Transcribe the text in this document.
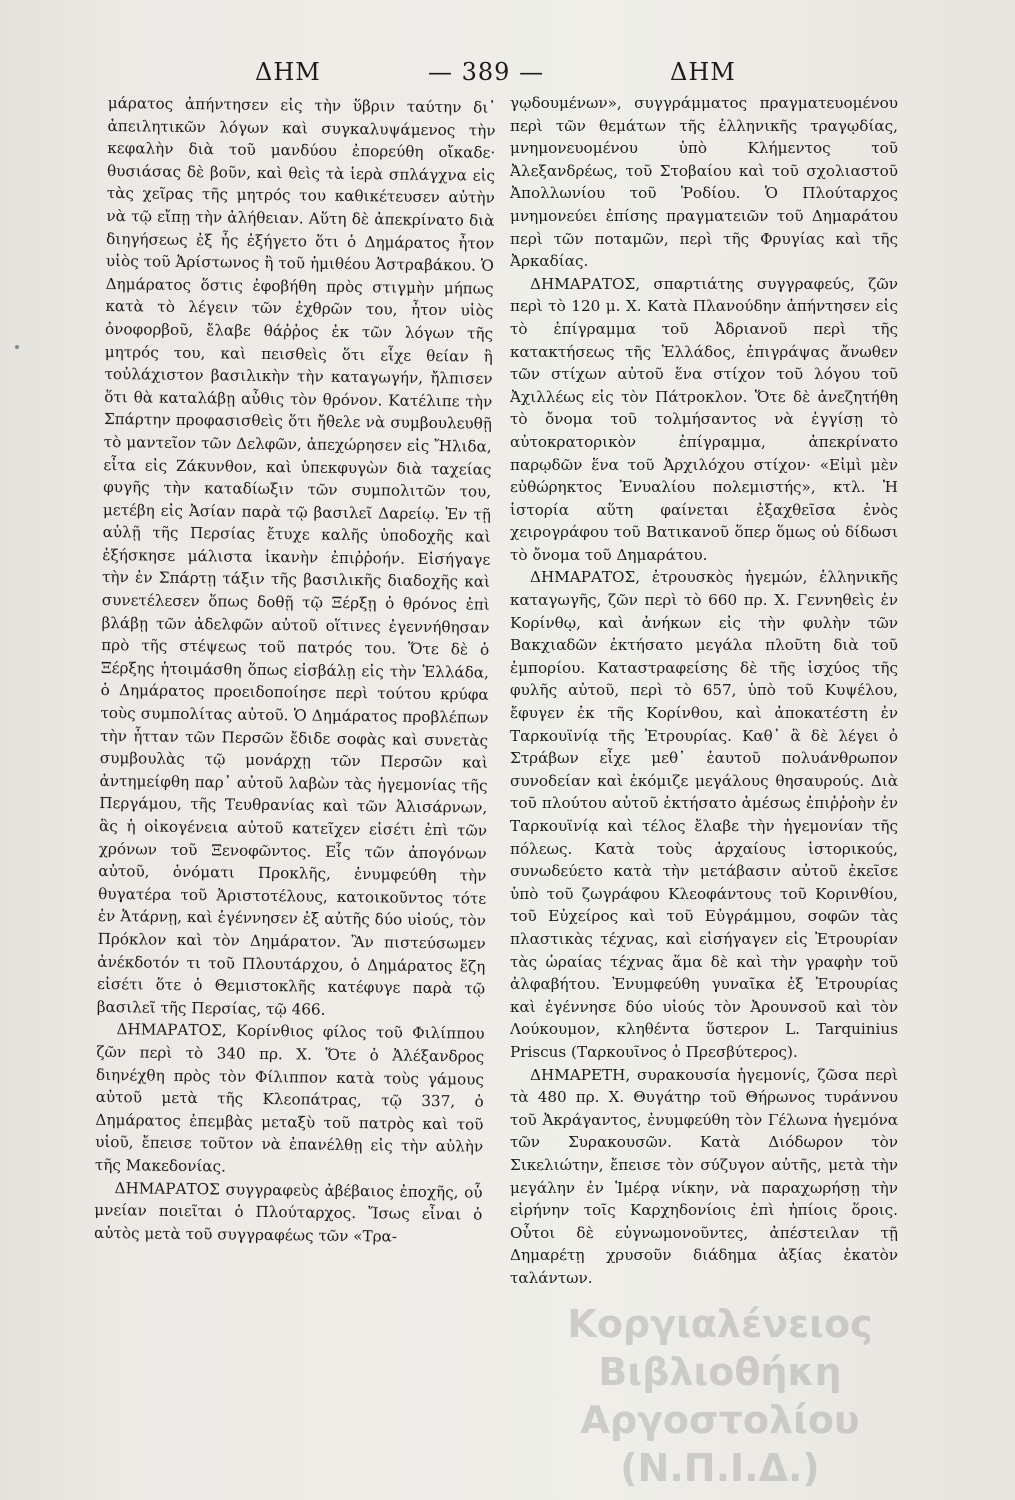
ΔΗΜ	— 389 —	ΔΗΜ

μάρατος ἀπήντησεν εἰς τὴν ὕβριν ταύτην δι᾽ ἀπειλητικῶν λόγων καὶ συγκαλυψάμενος τὴν κεφαλὴν διὰ τοῦ μανδύου ἐπορεύθη οἴκαδε· θυσιάσας δὲ βοῦν, καὶ θεὶς τὰ ἱερὰ σπλάγχνα εἰς τὰς χεῖρας τῆς μητρός του καθικέτευσεν αὐτὴν νὰ τῷ εἴπῃ τὴν ἀλήθειαν. Αὕτη δὲ ἀπεκρίνατο διὰ διηγήσεως ἐξ ἧς ἐξήγετο ὅτι ὁ Δημάρατος ἦτον υἱὸς τοῦ Ἀρίστωνος ἢ τοῦ ἡμιθέου Ἀστραβάκου. Ὁ Δημάρατος ὅστις ἐφοβήθη πρὸς στιγμὴν μήπως κατὰ τὸ λέγειν τῶν ἐχθρῶν του, ἦτον υἱὸς ὀνοφορβοῦ, ἔλαβε θάῤῥος ἐκ τῶν λόγων τῆς μητρός του, καὶ πεισθεὶς ὅτι εἶχε θείαν ἢ τοὐλάχιστον βασιλικὴν τὴν καταγωγήν, ἤλπισεν ὅτι θὰ καταλάβῃ αὖθις τὸν θρόνον. Κατέλιπε τὴν Σπάρτην προφασισθεὶς ὅτι ἤθελε νὰ συμβουλευθῇ τὸ μαντεῖον τῶν Δελφῶν, ἀπεχώρησεν εἰς Ἤλιδα, εἶτα εἰς Ζάκυνθον, καὶ ὑπεκφυγὼν διὰ ταχείας φυγῆς τὴν καταδίωξιν τῶν συμπολιτῶν του, μετέβη εἰς Ἀσίαν παρὰ τῷ βασιλεῖ Δαρείῳ. Ἐν τῇ αὐλῇ τῆς Περσίας ἔτυχε καλῆς ὑποδοχῆς καὶ ἐξήσκησε μάλιστα ἱκανὴν ἐπιῤῥοήν. Εἰσήγαγε τὴν ἐν Σπάρτῃ τάξιν τῆς βασιλικῆς διαδοχῆς καὶ συνετέλεσεν ὅπως δοθῇ τῷ Ξέρξῃ ὁ θρόνος ἐπὶ βλάβῃ τῶν ἀδελφῶν αὐτοῦ οἵτινες ἐγεννήθησαν πρὸ τῆς στέψεως τοῦ πατρός του. Ὅτε δὲ ὁ Ξέρξης ἡτοιμάσθη ὅπως εἰσβάλῃ εἰς τὴν Ἑλλάδα, ὁ Δημάρατος προειδοποίησε περὶ τούτου κρύφα τοὺς συμπολίτας αὐτοῦ. Ὁ Δημάρατος προβλέπων τὴν ἧτταν τῶν Περσῶν ἔδιδε σοφὰς καὶ συνετὰς συμβουλὰς τῷ μονάρχῃ τῶν Περσῶν καὶ ἀντημείφθη παρ᾽ αὐτοῦ λαβὼν τὰς ἡγεμονίας τῆς Περγάμου, τῆς Τευθρανίας καὶ τῶν Ἀλισάρνων, ἃς ἡ οἰκογένεια αὐτοῦ κατεῖχεν εἰσέτι ἐπὶ τῶν χρόνων τοῦ Ξενοφῶντος. Εἷς τῶν ἀπογόνων αὐτοῦ, ὀνόματι Προκλῆς, ἐνυμφεύθη τὴν θυγατέρα τοῦ Ἀριστοτέλους, κατοικοῦντος τότε ἐν Ἀτάρνῃ, καὶ ἐγέννησεν ἐξ αὐτῆς δύο υἱούς, τὸν Πρόκλον καὶ τὸν Δημάρατον. Ἂν πιστεύσωμεν ἀνέκδοτόν τι τοῦ Πλουτάρχου, ὁ Δημάρατος ἔζη εἰσέτι ὅτε ὁ Θεμιστοκλῆς κατέφυγε παρὰ τῷ βασιλεῖ τῆς Περσίας, τῷ 466.

ΔΗΜΑΡΑΤΟΣ, Κορίνθιος φίλος τοῦ Φιλίππου ζῶν περὶ τὸ 340 πρ. Χ. Ὅτε ὁ Ἀλέξανδρος διηνέχθη πρὸς τὸν Φίλιππον κατὰ τοὺς γάμους αὐτοῦ μετὰ τῆς Κλεοπάτρας, τῷ 337, ὁ Δημάρατος ἐπεμβὰς μεταξὺ τοῦ πατρὸς καὶ τοῦ υἱοῦ, ἔπεισε τοῦτον νὰ ἐπανέλθῃ εἰς τὴν αὐλὴν τῆς Μακεδονίας.

ΔΗΜΑΡΑΤΟΣ συγγραφεὺς ἀβέβαιος ἐποχῆς, οὗ μνείαν ποιεῖται ὁ Πλούταρχος. Ἴσως εἶναι ὁ αὐτὸς μετὰ τοῦ συγγραφέως τῶν «Τρα-

γῳδουμένων», συγγράμματος πραγματευομένου περὶ τῶν θεμάτων τῆς ἑλληνικῆς τραγῳδίας, μνημονευομένου ὑπὸ Κλήμεντος τοῦ Ἀλεξανδρέως, τοῦ Στοβαίου καὶ τοῦ σχολιαστοῦ Ἀπολλωνίου τοῦ Ῥοδίου. Ὁ Πλούταρχος μνημονεύει ἐπίσης πραγματειῶν τοῦ Δημαράτου περὶ τῶν ποταμῶν, περὶ τῆς Φρυγίας καὶ τῆς Ἀρκαδίας.

ΔΗΜΑΡΑΤΟΣ, σπαρτιάτης συγγραφεύς, ζῶν περὶ τὸ 120 μ. Χ. Κατὰ Πλανούδην ἀπήντησεν εἰς τὸ ἐπίγραμμα τοῦ Ἀδριανοῦ περὶ τῆς κατακτήσεως τῆς Ἑλλάδος, ἐπιγράψας ἄνωθεν τῶν στίχων αὐτοῦ ἕνα στίχον τοῦ λόγου τοῦ Ἀχιλλέως εἰς τὸν Πάτροκλον. Ὅτε δὲ ἀνεζητήθη τὸ ὄνομα τοῦ τολμήσαντος νὰ ἐγγίσῃ τὸ αὐτοκρατορικὸν ἐπίγραμμα, ἀπεκρίνατο παρῳδῶν ἕνα τοῦ Ἀρχιλόχου στίχον· «Εἰμὶ μὲν εὐθώρηκτος Ἐνυαλίου πολεμιστής», κτλ. Ἡ ἱστορία αὕτη φαίνεται ἐξαχθεῖσα ἐνὸς χειρογράφου τοῦ Βατικανοῦ ὅπερ ὅμως οὐ δίδωσι τὸ ὄνομα τοῦ Δημαράτου.

ΔΗΜΑΡΑΤΟΣ, ἐτρουσκὸς ἡγεμών, ἑλληνικῆς καταγωγῆς, ζῶν περὶ τὸ 660 πρ. Χ. Γεννηθεὶς ἐν Κορίνθῳ, καὶ ἀνήκων εἰς τὴν φυλὴν τῶν Βακχιαδῶν ἐκτήσατο μεγάλα πλοῦτη διὰ τοῦ ἐμπορίου. Καταστραφείσης δὲ τῆς ἰσχύος τῆς φυλῆς αὐτοῦ, περὶ τὸ 657, ὑπὸ τοῦ Κυψέλου, ἔφυγεν ἐκ τῆς Κορίνθου, καὶ ἀποκατέστη ἐν Ταρκουϊνίᾳ τῆς Ἐτρουρίας. Καθ᾽ ἃ δὲ λέγει ὁ Στράβων εἶχε μεθ᾽ ἑαυτοῦ πολυάνθρωπον συνοδείαν καὶ ἐκόμιζε μεγάλους θησαυρούς. Διὰ τοῦ πλούτου αὐτοῦ ἐκτήσατο ἀμέσως ἐπιῤῥοὴν ἐν Ταρκουϊνίᾳ καὶ τέλος ἔλαβε τὴν ἡγεμονίαν τῆς πόλεως. Κατὰ τοὺς ἀρχαίους ἱστορικούς, συνωδεύετο κατὰ τὴν μετάβασιν αὐτοῦ ἐκεῖσε ὑπὸ τοῦ ζωγράφου Κλεοφάντους τοῦ Κορινθίου, τοῦ Εὐχείρος καὶ τοῦ Εὐγράμμου, σοφῶν τὰς πλαστικὰς τέχνας, καὶ εἰσήγαγεν εἰς Ἐτρουρίαν τὰς ὡραίας τέχνας ἅμα δὲ καὶ τὴν γραφὴν τοῦ ἀλφαβήτου. Ἐνυμφεύθη γυναῖκα ἐξ Ἐτρουρίας καὶ ἐγέννησε δύο υἱούς τὸν Ἀρουνσοῦ καὶ τὸν Λούκουμον, κληθέντα ὕστερον L. Tarquinius Priscus (Ταρκουῖνος ὁ Πρεσβύτερος).

ΔΗΜΑΡΕΤΗ, συρακουσία ἡγεμονίς, ζῶσα περὶ τὰ 480 πρ. Χ. Θυγάτηρ τοῦ Θήρωνος τυράννου τοῦ Ἀκράγαντος, ἐνυμφεύθη τὸν Γέλωνα ἡγεμόνα τῶν Συρακουσῶν. Κατὰ Διόδωρον τὸν Σικελιώτην, ἔπεισε τὸν σύζυγον αὐτῆς, μετὰ τὴν μεγάλην ἐν Ἱμέρᾳ νίκην, νὰ παραχωρήσῃ τὴν εἰρήνην τοῖς Καρχηδονίοις ἐπὶ ἠπίοις ὅροις. Οὗτοι δὲ εὐγνωμονοῦντες, ἀπέστειλαν τῇ Δημαρέτῃ χρυσοῦν διάδημα ἀξίας ἑκατὸν ταλάντων.

Κοργιαλένειος Βιβλιοθήκη Αργοστολίου (Ν.Π.Ι.Δ.)
